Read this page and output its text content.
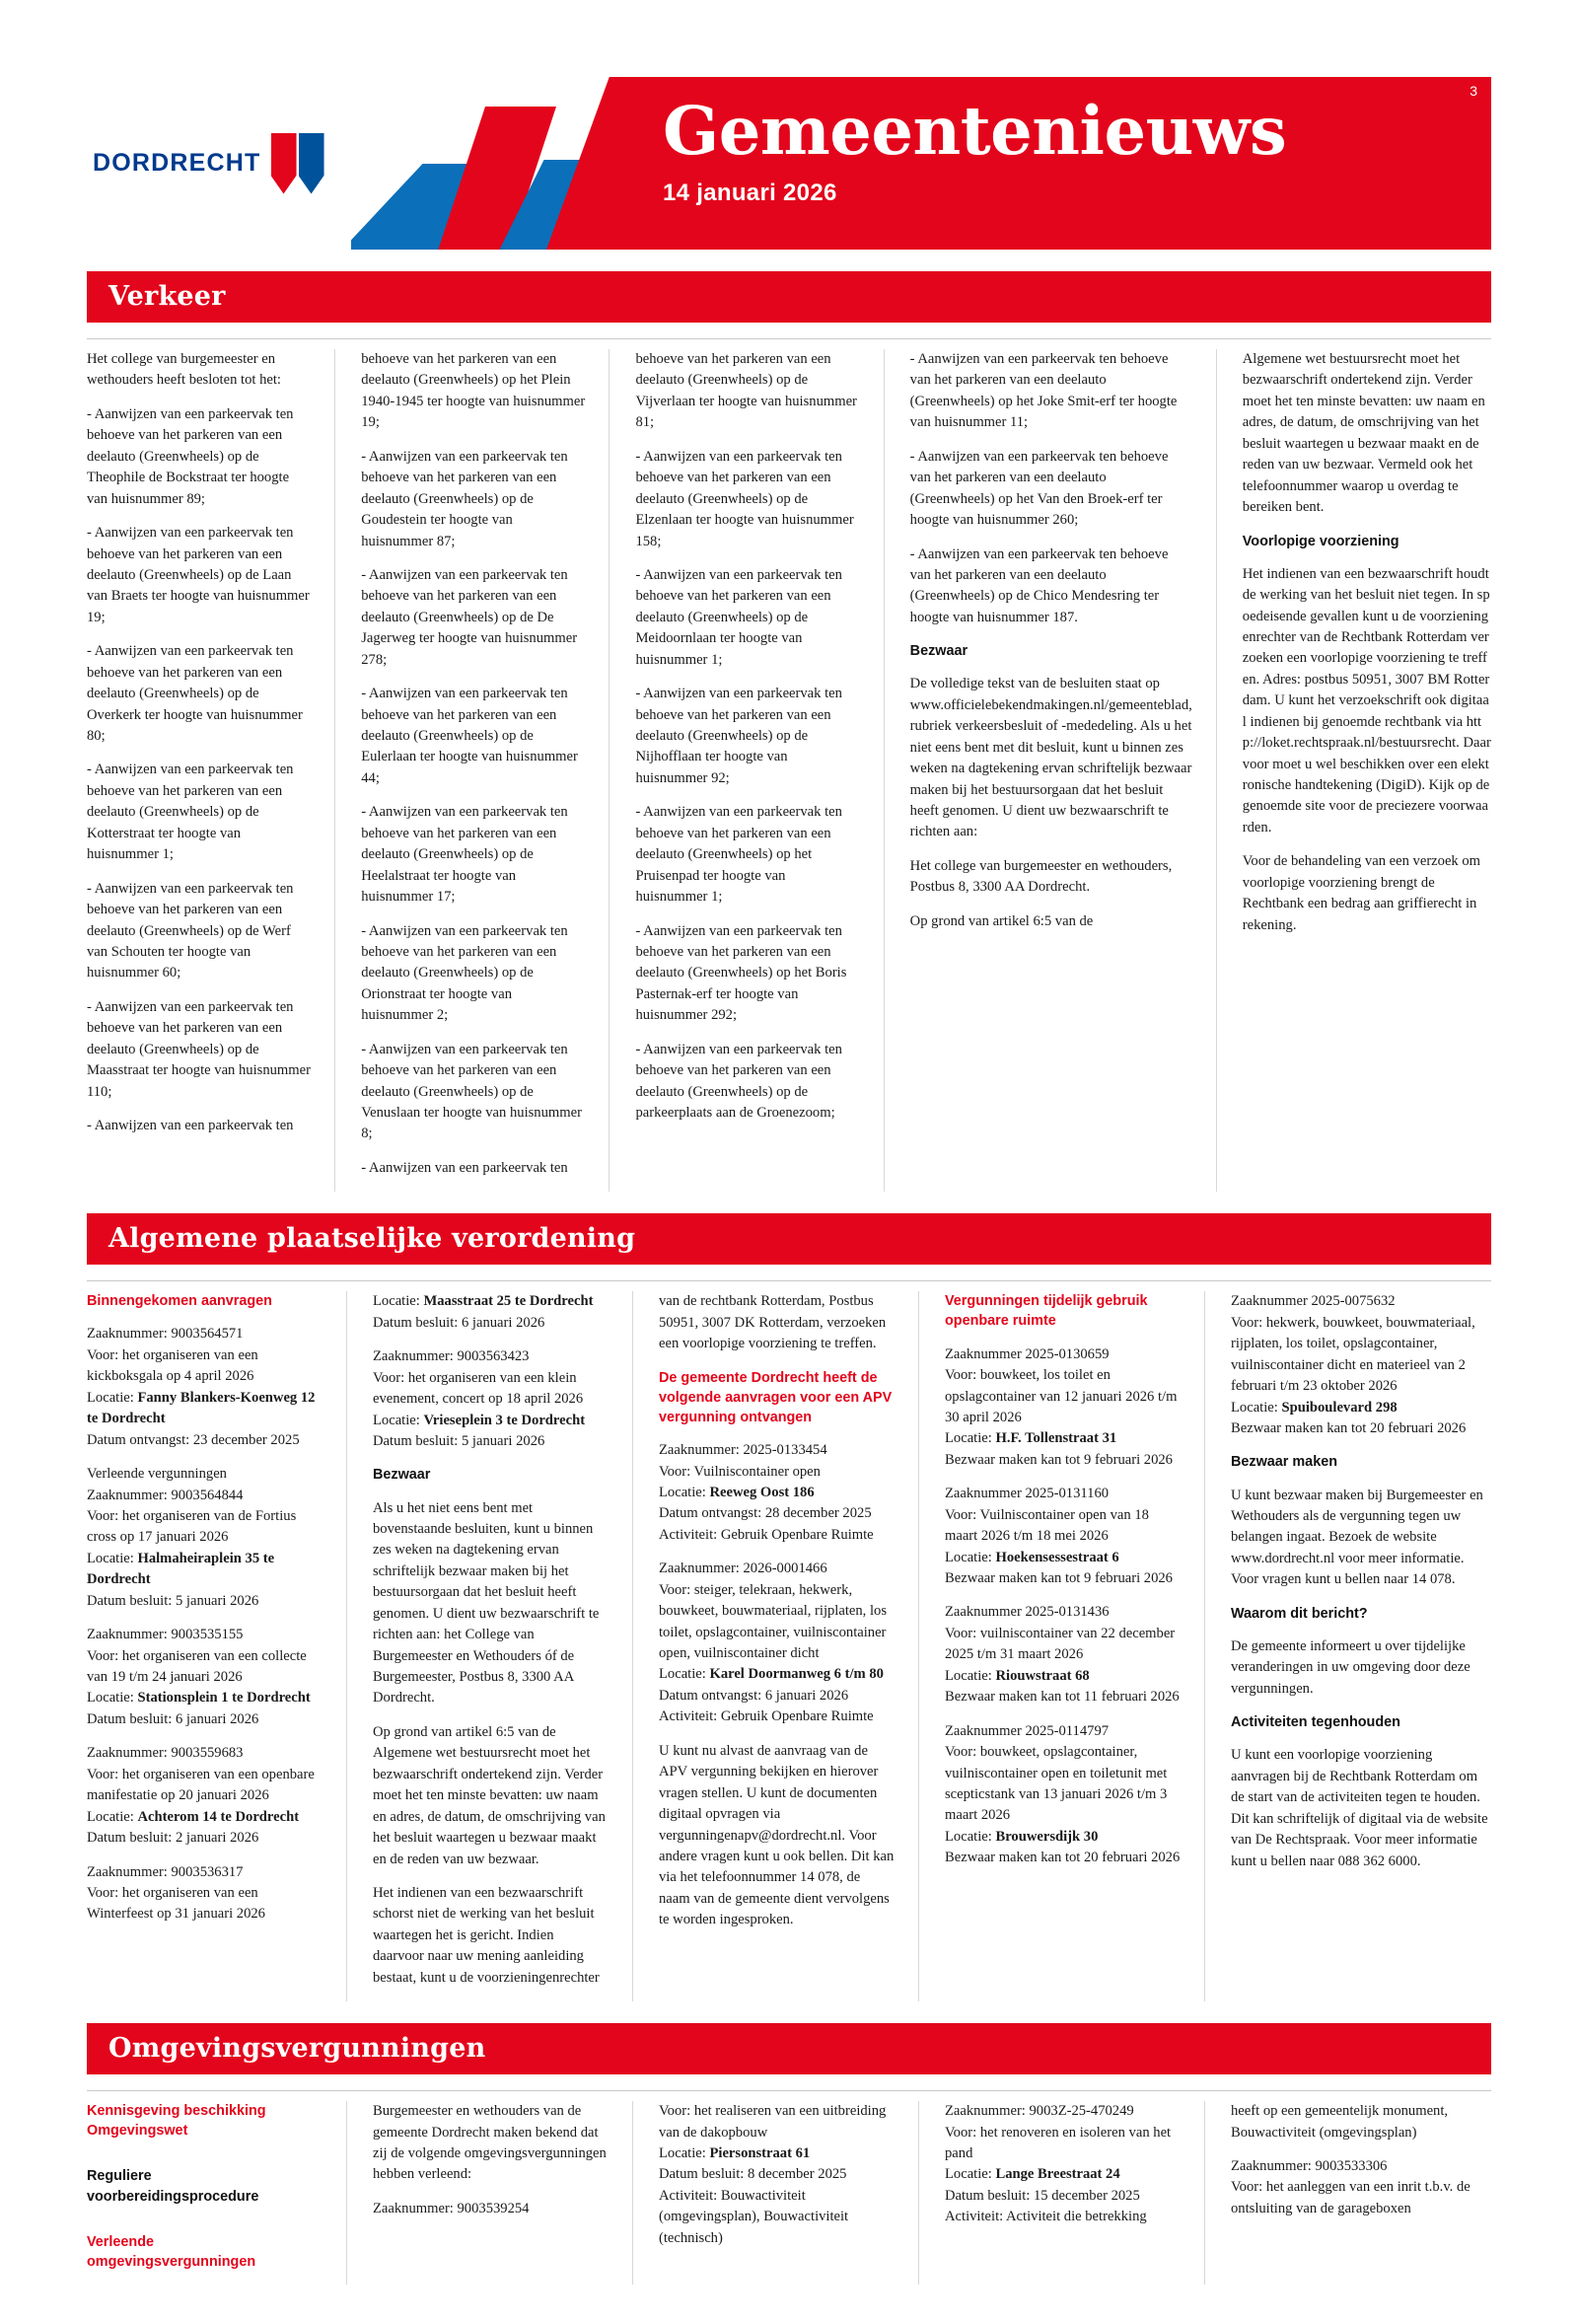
DORDRECHT
3
Gemeentenieuws
14 januari 2026
Verkeer

Het college van burgemeester en wethouders heeft besloten tot het:

- Aanwijzen van een parkeervak ten behoeve van het parkeren van een deelauto (Greenwheels) op de Theophile de Bockstraat ter hoogte van huisnummer 89;

- Aanwijzen van een parkeervak ten behoeve van het parkeren van een deelauto (Greenwheels) op de Laan van Braets ter hoogte van huisnummer 19;

- Aanwijzen van een parkeervak ten behoeve van het parkeren van een deelauto (Greenwheels) op de Overkerk ter hoogte van huisnummer 80;

- Aanwijzen van een parkeervak ten behoeve van het parkeren van een deelauto (Greenwheels) op de Kotterstraat ter hoogte van huisnummer 1;

- Aanwijzen van een parkeervak ten behoeve van het parkeren van een deelauto (Greenwheels) op de Werf van Schouten ter hoogte van huisnummer 60;

- Aanwijzen van een parkeervak ten behoeve van het parkeren van een deelauto (Greenwheels) op de Maasstraat ter hoogte van huisnummer 110;

- Aanwijzen van een parkeervak ten

behoeve van het parkeren van een deelauto (Greenwheels) op het Plein 1940-1945 ter hoogte van huisnummer 19;

- Aanwijzen van een parkeervak ten behoeve van het parkeren van een deelauto (Greenwheels) op de Goudestein ter hoogte van huisnummer 87;

- Aanwijzen van een parkeervak ten behoeve van het parkeren van een deelauto (Greenwheels) op de De Jagerweg ter hoogte van huisnummer 278;

- Aanwijzen van een parkeervak ten behoeve van het parkeren van een deelauto (Greenwheels) op de Eulerlaan ter hoogte van huisnummer 44;

- Aanwijzen van een parkeervak ten behoeve van het parkeren van een deelauto (Greenwheels) op de Heelalstraat ter hoogte van huisnummer 17;

- Aanwijzen van een parkeervak ten behoeve van het parkeren van een deelauto (Greenwheels) op de Orionstraat ter hoogte van huisnummer 2;

- Aanwijzen van een parkeervak ten behoeve van het parkeren van een deelauto (Greenwheels) op de Venuslaan ter hoogte van huisnummer 8;

- Aanwijzen van een parkeervak ten

behoeve van het parkeren van een deelauto (Greenwheels) op de Vijverlaan ter hoogte van huisnummer 81;

- Aanwijzen van een parkeervak ten behoeve van het parkeren van een deelauto (Greenwheels) op de Elzenlaan ter hoogte van huisnummer 158;

- Aanwijzen van een parkeervak ten behoeve van het parkeren van een deelauto (Greenwheels) op de Meidoornlaan ter hoogte van huisnummer 1;

- Aanwijzen van een parkeervak ten behoeve van het parkeren van een deelauto (Greenwheels) op de Nijhofflaan ter hoogte van huisnummer 92;

- Aanwijzen van een parkeervak ten behoeve van het parkeren van een deelauto (Greenwheels) op het Pruisenpad ter hoogte van huisnummer 1;

- Aanwijzen van een parkeervak ten behoeve van het parkeren van een deelauto (Greenwheels) op het Boris Pasternak-erf ter hoogte van huisnummer 292;

- Aanwijzen van een parkeervak ten behoeve van het parkeren van een deelauto (Greenwheels) op de parkeerplaats aan de Groenezoom;

- Aanwijzen van een parkeervak ten behoeve van het parkeren van een deelauto (Greenwheels) op het Joke Smit-erf ter hoogte van huisnummer 11;

- Aanwijzen van een parkeervak ten behoeve van het parkeren van een deelauto (Greenwheels) op het Van den Broek-erf ter hoogte van huisnummer 260;

- Aanwijzen van een parkeervak ten behoeve van het parkeren van een deelauto (Greenwheels) op de Chico Mendesring ter hoogte van huisnummer 187.

Bezwaar

De volledige tekst van de besluiten staat op www.officielebekendmakingen.nl/gemeenteblad, rubriek verkeersbesluit of -mededeling. Als u het niet eens bent met dit besluit, kunt u binnen zes weken na dagtekening ervan schriftelijk bezwaar maken bij het bestuursorgaan dat het besluit heeft genomen. U dient uw bezwaarschrift te richten aan:

Het college van burgemeester en wethouders, Postbus 8, 3300 AA Dordrecht.

Op grond van artikel 6:5 van de

Algemene wet bestuursrecht moet het bezwaarschrift ondertekend zijn. Verder moet het ten minste bevatten: uw naam en adres, de datum, de omschrijving van het besluit waartegen u bezwaar maakt en de reden van uw bezwaar. Vermeld ook het telefoonnummer waarop u overdag te bereiken bent.

Voorlopige voorziening

Het indienen van een bezwaarschrift houdt de werking van het besluit niet tegen. In spoedeisende gevallen kunt u de voorzieningenrechter van de Rechtbank Rotterdam verzoeken een voorlopige voorziening te treffen. Adres: postbus 50951, 3007 BM Rotterdam. U kunt het verzoekschrift ook digitaal indienen bij genoemde rechtbank via http://loket.rechtspraak.nl/bestuursrecht. Daarvoor moet u wel beschikken over een elektronische handtekening (DigiD). Kijk op de genoemde site voor de preciezere voorwaarden.

Voor de behandeling van een verzoek om voorlopige voorziening brengt de Rechtbank een bedrag aan griffierecht in rekening.

Algemene plaatselijke verordening

Binnengekomen aanvragen

Zaaknummer: 9003564571

Voor: het organiseren van een kickboksgala op 4 april 2026

Locatie: Fanny Blankers-Koenweg 12 te Dordrecht

Datum ontvangst: 23 december 2025

Verleende vergunningen

Zaaknummer: 9003564844

Voor: het organiseren van de Fortius cross op 17 januari 2026

Locatie: Halmaheiraplein 35 te Dordrecht

Datum besluit: 5 januari 2026

Zaaknummer: 9003535155

Voor: het organiseren van een collecte van 19 t/m 24 januari 2026

Locatie: Stationsplein 1 te Dordrecht

Datum besluit: 6 januari 2026

Zaaknummer: 9003559683

Voor: het organiseren van een openbare manifestatie op 20 januari 2026

Locatie: Achterom 14 te Dordrecht

Datum besluit: 2 januari 2026

Zaaknummer: 9003536317

Voor: het organiseren van een Winterfeest op 31 januari 2026

Locatie: Maasstraat 25 te Dordrecht

Datum besluit: 6 januari 2026

Zaaknummer: 9003563423

Voor: het organiseren van een klein evenement, concert op 18 april 2026

Locatie: Vrieseplein 3 te Dordrecht

Datum besluit: 5 januari 2026

Bezwaar

Als u het niet eens bent met bovenstaande besluiten, kunt u binnen zes weken na dagtekening ervan schriftelijk bezwaar maken bij het bestuursorgaan dat het besluit heeft genomen. U dient uw bezwaarschrift te richten aan: het College van Burgemeester en Wethouders óf de Burgemeester, Postbus 8, 3300 AA Dordrecht.

Op grond van artikel 6:5 van de Algemene wet bestuursrecht moet het bezwaarschrift ondertekend zijn. Verder moet het ten minste bevatten: uw naam en adres, de datum, de omschrijving van het besluit waartegen u bezwaar maakt en de reden van uw bezwaar.

Het indienen van een bezwaarschrift schorst niet de werking van het besluit waartegen het is gericht. Indien daarvoor naar uw mening aanleiding bestaat, kunt u de voorzieningenrechter

van de rechtbank Rotterdam, Postbus 50951, 3007 DK Rotterdam, verzoeken een voorlopige voorziening te treffen.

De gemeente Dordrecht heeft de volgende aanvragen voor een APV vergunning ontvangen

Zaaknummer: 2025-0133454

Voor: Vuilniscontainer open

Locatie: Reeweg Oost 186

Datum ontvangst: 28 december 2025

Activiteit: Gebruik Openbare Ruimte

Zaaknummer: 2026-0001466

Voor: steiger, telekraan, hekwerk, bouwkeet, bouwmateriaal, rijplaten, los toilet, opslagcontainer, vuilniscontainer open, vuilniscontainer dicht

Locatie: Karel Doormanweg 6 t/m 80

Datum ontvangst: 6 januari 2026

Activiteit: Gebruik Openbare Ruimte

U kunt nu alvast de aanvraag van de APV vergunning bekijken en hierover vragen stellen. U kunt de documenten digitaal opvragen via vergunningenapv@dordrecht.nl. Voor andere vragen kunt u ook bellen. Dit kan via het telefoonnummer 14 078, de naam van de gemeente dient vervolgens te worden ingesproken.

Vergunningen tijdelijk gebruik openbare ruimte

Zaaknummer 2025-0130659

Voor: bouwkeet, los toilet en opslagcontainer van 12 januari 2026 t/m 30 april 2026

Locatie: H.F. Tollenstraat 31

Bezwaar maken kan tot 9 februari 2026

Zaaknummer 2025-0131160

Voor: Vuilniscontainer open van 18 maart 2026 t/m 18 mei 2026

Locatie: Hoekensessestraat 6

Bezwaar maken kan tot 9 februari 2026

Zaaknummer 2025-0131436

Voor: vuilniscontainer van 22 december 2025 t/m 31 maart 2026

Locatie: Riouwstraat 68

Bezwaar maken kan tot 11 februari 2026

Zaaknummer 2025-0114797

Voor: bouwkeet, opslagcontainer, vuilniscontainer open en toiletunit met scepticstank van 13 januari 2026 t/m 3 maart 2026

Locatie: Brouwersdijk 30

Bezwaar maken kan tot 20 februari 2026

Zaaknummer 2025-0075632

Voor: hekwerk, bouwkeet, bouwmateriaal, rijplaten, los toilet, opslagcontainer, vuilniscontainer dicht en materieel van 2 februari t/m 23 oktober 2026

Locatie: Spuiboulevard 298

Bezwaar maken kan tot 20 februari 2026

Bezwaar maken

U kunt bezwaar maken bij Burgemeester en Wethouders als de vergunning tegen uw belangen ingaat. Bezoek de website www.dordrecht.nl voor meer informatie. Voor vragen kunt u bellen naar 14 078.

Waarom dit bericht?

De gemeente informeert u over tijdelijke veranderingen in uw omgeving door deze vergunningen.

Activiteiten tegenhouden

U kunt een voorlopige voorziening aanvragen bij de Rechtbank Rotterdam om de start van de activiteiten tegen te houden. Dit kan schriftelijk of digitaal via de website van De Rechtspraak. Voor meer informatie kunt u bellen naar 088 362 6000.

Omgevingsvergunningen

Kennisgeving beschikking Omgevingswet

Reguliere voorbereidingsprocedure

Verleende omgevingsvergunningen

Burgemeester en wethouders van de gemeente Dordrecht maken bekend dat zij de volgende omgevingsvergunningen hebben verleend:

Zaaknummer: 9003539254

Voor: het realiseren van een uitbreiding van de dakopbouw

Locatie: Piersonstraat 61

Datum besluit: 8 december 2025

Activiteit: Bouwactiviteit (omgevingsplan), Bouwactiviteit (technisch)

Zaaknummer: 9003Z-25-470249

Voor: het renoveren en isoleren van het pand

Locatie: Lange Breestraat 24

Datum besluit: 15 december 2025

Activiteit: Activiteit die betrekking

heeft op een gemeentelijk monument, Bouwactiviteit (omgevingsplan)

Zaaknummer: 9003533306

Voor: het aanleggen van een inrit t.b.v. de ontsluiting van de garageboxen
